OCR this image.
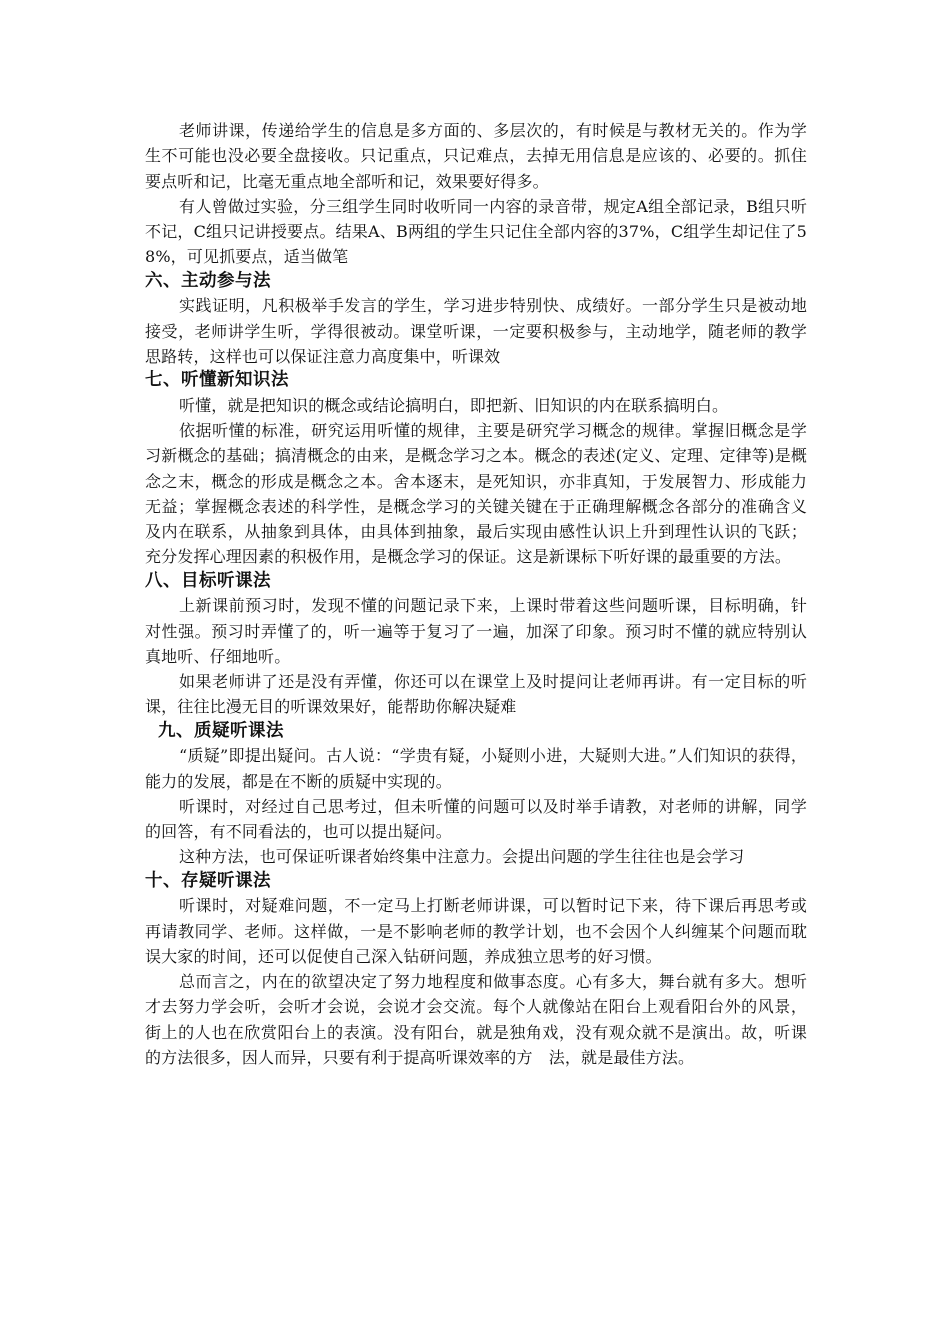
老师讲课，传递给学生的信息是多方面的、多层次的，有时候是与教材无关的。作为学生不可能也没必要全盘接收。只记重点，只记难点，去掉无用信息是应该的、必要的。抓住要点听和记，比毫无重点地全部听和记，效果要好得多。

有人曾做过实验，分三组学生同时收听同一内容的录音带，规定A组全部记录，B组只听不记，C组只记讲授要点。结果A、B两组的学生只记住全部内容的37%，C组学生却记住了58%，可见抓要点，适当做笔

六、主动参与法

实践证明，凡积极举手发言的学生，学习进步特别快、成绩好。一部分学生只是被动地接受，老师讲学生听，学得很被动。课堂听课，一定要积极参与，主动地学，随老师的教学思路转，这样也可以保证注意力高度集中，听课效

七、听懂新知识法

听懂，就是把知识的概念或结论搞明白，即把新、旧知识的内在联系搞明白。

依据听懂的标准，研究运用听懂的规律，主要是研究学习概念的规律。掌握旧概念是学习新概念的基础；搞清概念的由来，是概念学习之本。概念的表述(定义、定理、定律等)是概念之末，概念的形成是概念之本。舍本逐末，是死知识，亦非真知，于发展智力、形成能力无益；掌握概念表述的科学性，是概念学习的关键关键在于正确理解概念各部分的准确含义及内在联系，从抽象到具体，由具体到抽象，最后实现由感性认识上升到理性认识的飞跃；充分发挥心理因素的积极作用，是概念学习的保证。这是新课标下听好课的最重要的方法。

八、目标听课法

上新课前预习时，发现不懂的问题记录下来，上课时带着这些问题听课，目标明确，针对性强。预习时弄懂了的，听一遍等于复习了一遍，加深了印象。预习时不懂的就应特别认真地听、仔细地听。

如果老师讲了还是没有弄懂，你还可以在课堂上及时提问让老师再讲。有一定目标的听课，往往比漫无目的听课效果好，能帮助你解决疑难

九、质疑听课法

“质疑”即提出疑问。古人说：“学贵有疑，小疑则小进，大疑则大进。”人们知识的获得，能力的发展，都是在不断的质疑中实现的。

听课时，对经过自己思考过，但未听懂的问题可以及时举手请教，对老师的讲解，同学的回答，有不同看法的，也可以提出疑问。

这种方法，也可保证听课者始终集中注意力。会提出问题的学生往往也是会学习

十、存疑听课法

听课时，对疑难问题，不一定马上打断老师讲课，可以暂时记下来，待下课后再思考或再请教同学、老师。这样做，一是不影响老师的教学计划，也不会因个人纠缠某个问题而耽误大家的时间，还可以促使自己深入钻研问题，养成独立思考的好习惯。

总而言之，内在的欲望决定了努力地程度和做事态度。心有多大，舞台就有多大。想听才去努力学会听，会听才会说，会说才会交流。每个人就像站在阳台上观看阳台外的风景，街上的人也在欣赏阳台上的表演。没有阳台，就是独角戏，没有观众就不是演出。故，听课的方法很多，因人而异，只要有利于提高听课效率的方　法，就是最佳方法。
